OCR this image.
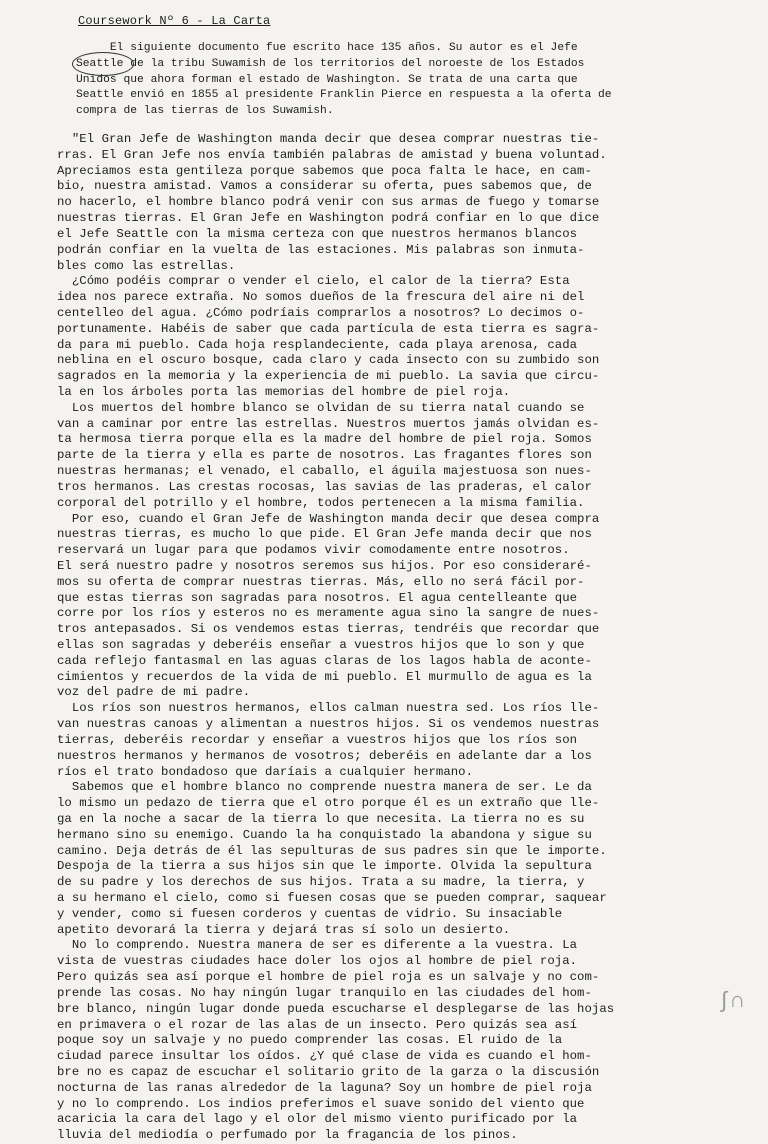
Coursework Nº 6 - La Carta
El siguiente documento fue escrito hace 135 años. Su autor es el Jefe
Seattle de la tribu Suwamish de los territorios del noroeste de los Estados
Unidos que ahora forman el estado de Washington. Se trata de una carta que
Seattle envió en 1855 al presidente Franklin Pierce en respuesta a la oferta de
compra de las tierras de los Suwamish.
"El Gran Jefe de Washington manda decir que desea comprar nuestras tie-
rras. El Gran Jefe nos envía también palabras de amistad y buena voluntad.
Apreciamos esta gentileza porque sabemos que poca falta le hace, en cam-
bio, nuestra amistad. Vamos a considerar su oferta, pues sabemos que, de
no hacerlo, el hombre blanco podrá venir con sus armas de fuego y tomarse
nuestras tierras. El Gran Jefe en Washington podrá confiar en lo que dice
el Jefe Seattle con la misma certeza con que nuestros hermanos blancos
podrán confiar en la vuelta de las estaciones. Mis palabras son inmuta-
bles como las estrellas.
¿Cómo podéis comprar o vender el cielo, el calor de la tierra? Esta
idea nos parece extraña. No somos dueños de la frescura del aire ni del
centelleo del agua. ¿Cómo podríais comprarlos a nosotros? Lo decimos o-
portunamente. Habéis de saber que cada partícula de esta tierra es sagra-
da para mi pueblo. Cada hoja resplandeciente, cada playa arenosa, cada
neblina en el oscuro bosque, cada claro y cada insecto con su zumbido son
sagrados en la memoria y la experiencia de mi pueblo. La savia que circu-
la en los árboles porta las memorias del hombre de piel roja.
Los muertos del hombre blanco se olvidan de su tierra natal cuando se
van a caminar por entre las estrellas. Nuestros muertos jamás olvidan es-
ta hermosa tierra porque ella es la madre del hombre de piel roja. Somos
parte de la tierra y ella es parte de nosotros. Las fragantes flores son
nuestras hermanas; el venado, el caballo, el águila majestuosa son nues-
tros hermanos. Las crestas rocosas, las savias de las praderas, el calor
corporal del potrillo y el hombre, todos pertenecen a la misma familia.
Por eso, cuando el Gran Jefe de Washington manda decir que desea compra
nuestras tierras, es mucho lo que pide. El Gran Jefe manda decir que nos
reservará un lugar para que podamos vivir comodamente entre nosotros.
El será nuestro padre y nosotros seremos sus hijos. Por eso consideraré-
mos su oferta de comprar nuestras tierras. Más, ello no será fácil por-
que estas tierras son sagradas para nosotros. El agua centelleante que
corre por los ríos y esteros no es meramente agua sino la sangre de nues-
tros antepasados. Si os vendemos estas tierras, tendréis que recordar que
ellas son sagradas y deberéis enseñar a vuestros hijos que lo son y que
cada reflejo fantasmal en las aguas claras de los lagos habla de aconte-
cimientos y recuerdos de la vida de mi pueblo. El murmullo de agua es la
voz del padre de mi padre.
Los ríos son nuestros hermanos, ellos calman nuestra sed. Los ríos lle-
van nuestras canoas y alimentan a nuestros hijos. Si os vendemos nuestras
tierras, deberéis recordar y enseñar a vuestros hijos que los ríos son
nuestros hermanos y hermanos de vosotros; deberéis en adelante dar a los
ríos el trato bondadoso que daríais a cualquier hermano.
Sabemos que el hombre blanco no comprende nuestra manera de ser. Le da
lo mismo un pedazo de tierra que el otro porque él es un extraño que lle-
ga en la noche a sacar de la tierra lo que necesita. La tierra no es su
hermano sino su enemigo. Cuando la ha conquistado la abandona y sigue su
camino. Deja detrás de él las sepulturas de sus padres sin que le importe.
Despoja de la tierra a sus hijos sin que le importe. Olvida la sepultura
de su padre y los derechos de sus hijos. Trata a su madre, la tierra, y
a su hermano el cielo, como si fuesen cosas que se pueden comprar, saquear
y vender, como si fuesen corderos y cuentas de vidrio. Su insaciable
apetito devorará la tierra y dejará tras sí solo un desierto.
No lo comprendo. Nuestra manera de ser es diferente a la vuestra. La
vista de vuestras ciudades hace doler los ojos al hombre de piel roja.
Pero quizás sea así porque el hombre de piel roja es un salvaje y no com-
prende las cosas. No hay ningún lugar tranquilo en las ciudades del hom-
bre blanco, ningún lugar donde pueda escucharse el desplegarse de las hojas
en primavera o el rozar de las alas de un insecto. Pero quizás sea así
poque soy un salvaje y no puedo comprender las cosas. El ruido de la
ciudad parece insultar los oídos. ¿Y qué clase de vida es cuando el hom-
bre no es capaz de escuchar el solitario grito de la garza o la discusión
nocturna de las ranas alrededor de la laguna? Soy un hombre de piel roja
y no lo comprendo. Los indios preferimos el suave sonido del viento que
acaricia la cara del lago y el olor del mismo viento purificado por la
lluvia del mediodía o perfumado por la fragancia de los pinos.
∫∩
